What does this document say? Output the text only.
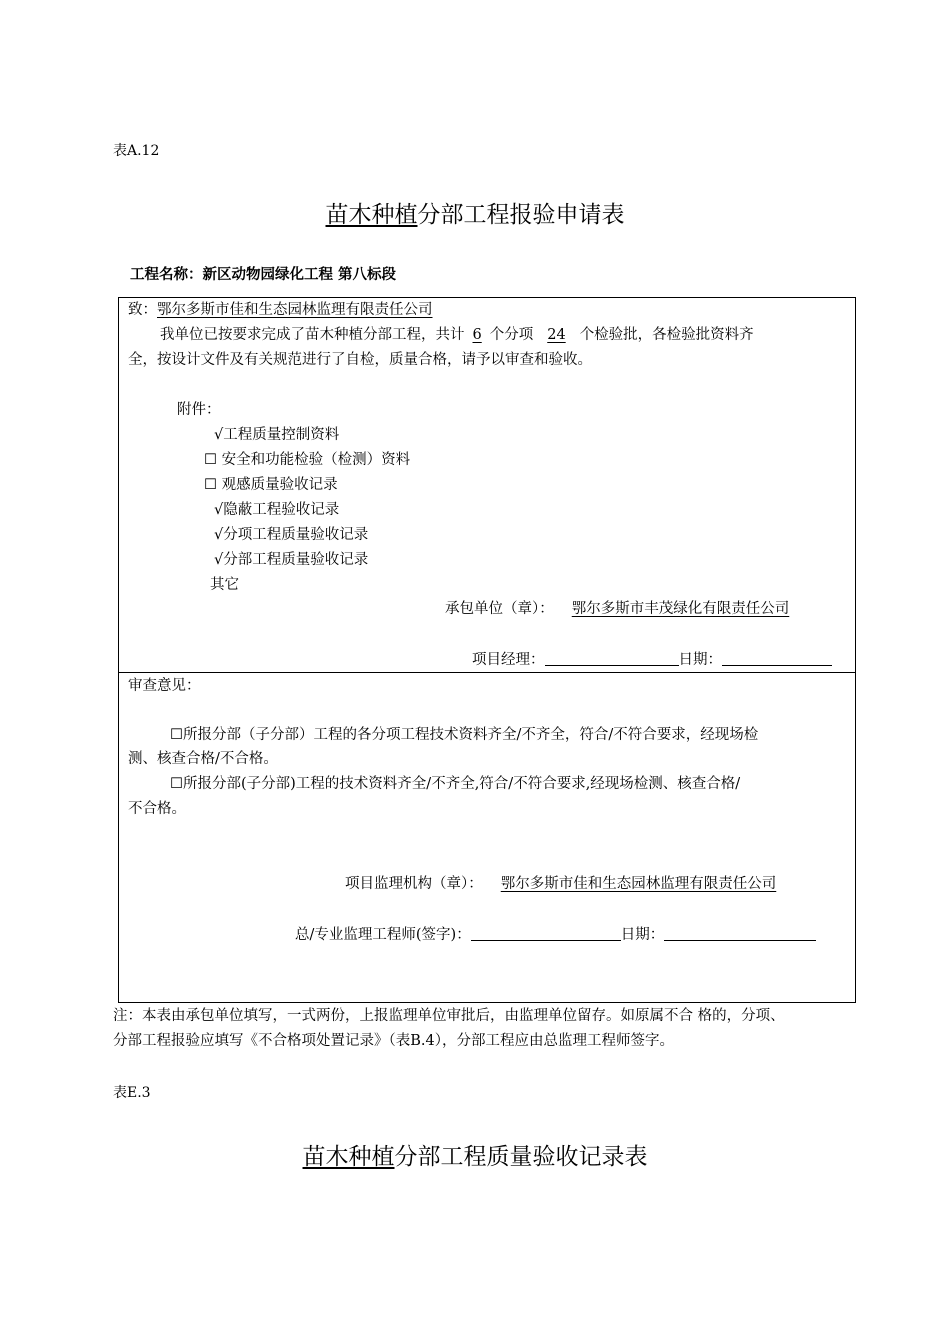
表A.12
苗木种植分部工程报验申请表
工程名称：新区动物园绿化工程 第八标段
致：鄂尔多斯市佳和生态园林监理有限责任公司
我单位已按要求完成了苗木种植分部工程，共计 6 个分项 24 个检验批，各检验批资料齐
全，按设计文件及有关规范进行了自检，质量合格，请予以审查和验收。
附件：
√工程质量控制资料
☐ 安全和功能检验（检测）资料
☐ 观感质量验收记录
√隐蔽工程验收记录
√分项工程质量验收记录
√分部工程质量验收记录
其它
承包单位（章）： 鄂尔多斯市丰茂绿化有限责任公司
项目经理：	日期：
审查意见：
☐所报分部（子分部）工程的各分项工程技术资料齐全/不齐全，符合/不符合要求，经现场检
测、核查合格/不合格。
☐所报分部(子分部)工程的技术资料齐全/不齐全,符合/不符合要求,经现场检测、核查合格/
不合格。
项目监理机构（章）： 鄂尔多斯市佳和生态园林监理有限责任公司
总/专业监理工程师(签字)：	日期：
注：本表由承包单位填写，一式两份，上报监理单位审批后，由监理单位留存。如原属不合 格的，分项、
分部工程报验应填写《不合格项处置记录》（表B.4），分部工程应由总监理工程师签字。
表E.3
苗木种植分部工程质量验收记录表
